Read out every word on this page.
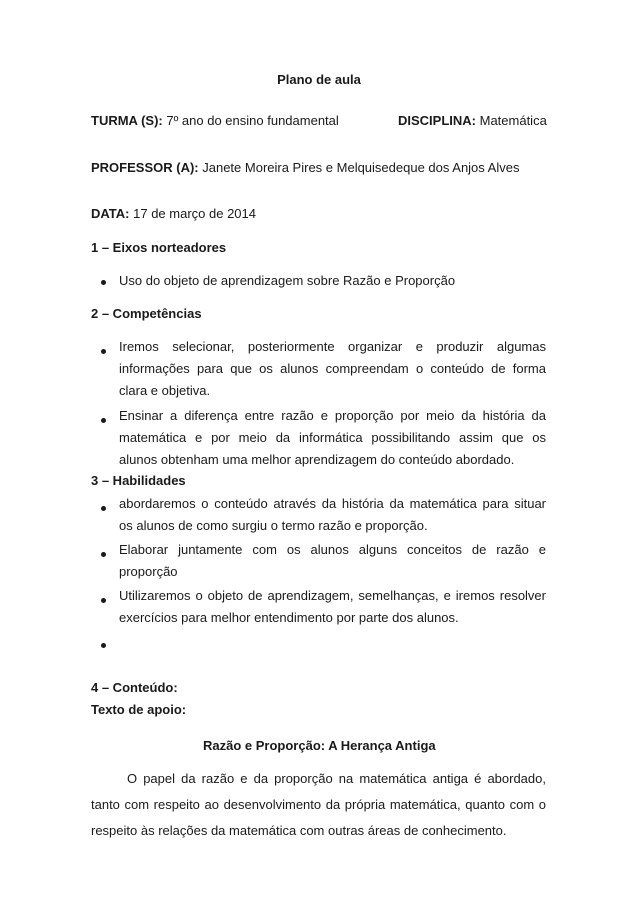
Plano de aula
TURMA (S): 7º ano do ensino fundamental	DISCIPLINA: Matemática
PROFESSOR (A): Janete Moreira Pires e Melquisedeque dos Anjos Alves
DATA: 17 de março de 2014
1 – Eixos norteadores
Uso do objeto de aprendizagem sobre Razão e Proporção
2 – Competências
Iremos selecionar, posteriormente organizar e produzir algumas
informações para que os alunos compreendam o conteúdo de forma
clara e objetiva.
Ensinar a diferença entre razão e proporção por meio da história da
matemática e por meio da informática possibilitando assim que os
alunos obtenham uma melhor aprendizagem do conteúdo abordado.
3 – Habilidades
abordaremos o conteúdo através da história da matemática para situar
os alunos de como surgiu o termo razão e proporção.
Elaborar juntamente com os alunos alguns conceitos de razão e
proporção
Utilizaremos o objeto de aprendizagem, semelhanças, e iremos resolver
exercícios para melhor entendimento por parte dos alunos.
4 – Conteúdo:
Texto de apoio:
Razão e Proporção: A Herança Antiga
O papel da razão e da proporção na matemática antiga é abordado,
tanto com respeito ao desenvolvimento da própria matemática, quanto com o
respeito às relações da matemática com outras áreas de conhecimento.
